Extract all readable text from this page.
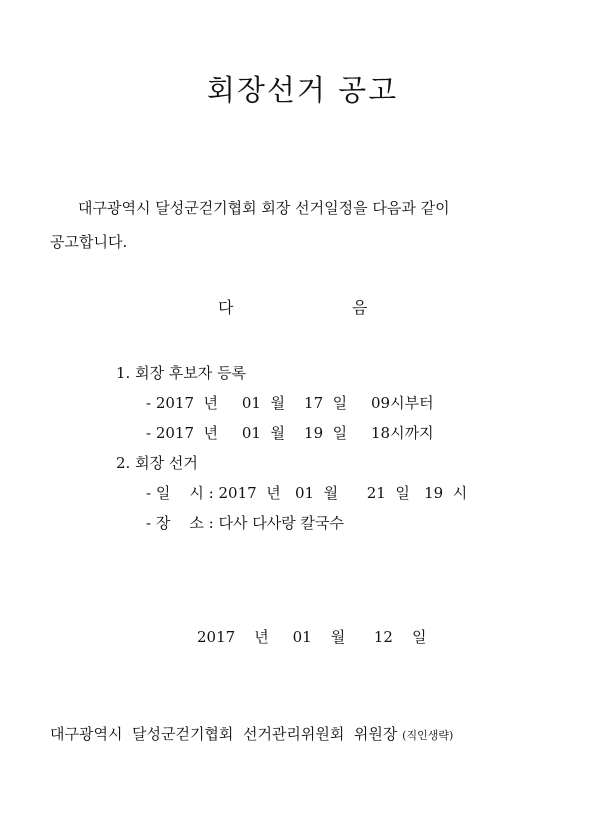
회장선거 공고
대구광역시 달성군걷기협회 회장 선거일정을 다음과 같이
공고합니다.
다	음
1. 회장 후보자 등록
- 2017  년     01  월    17  일     09시부터
- 2017  년     01  월    19  일     18시까지
2. 회장 선거
- 일    시 : 2017  년   01  월      21  일   19  시
- 장    소 : 다사 다사랑 칼국수
2017    년     01    월      12    일
대구광역시  달성군걷기협회  선거관리위원회  위원장 (직인생략)
